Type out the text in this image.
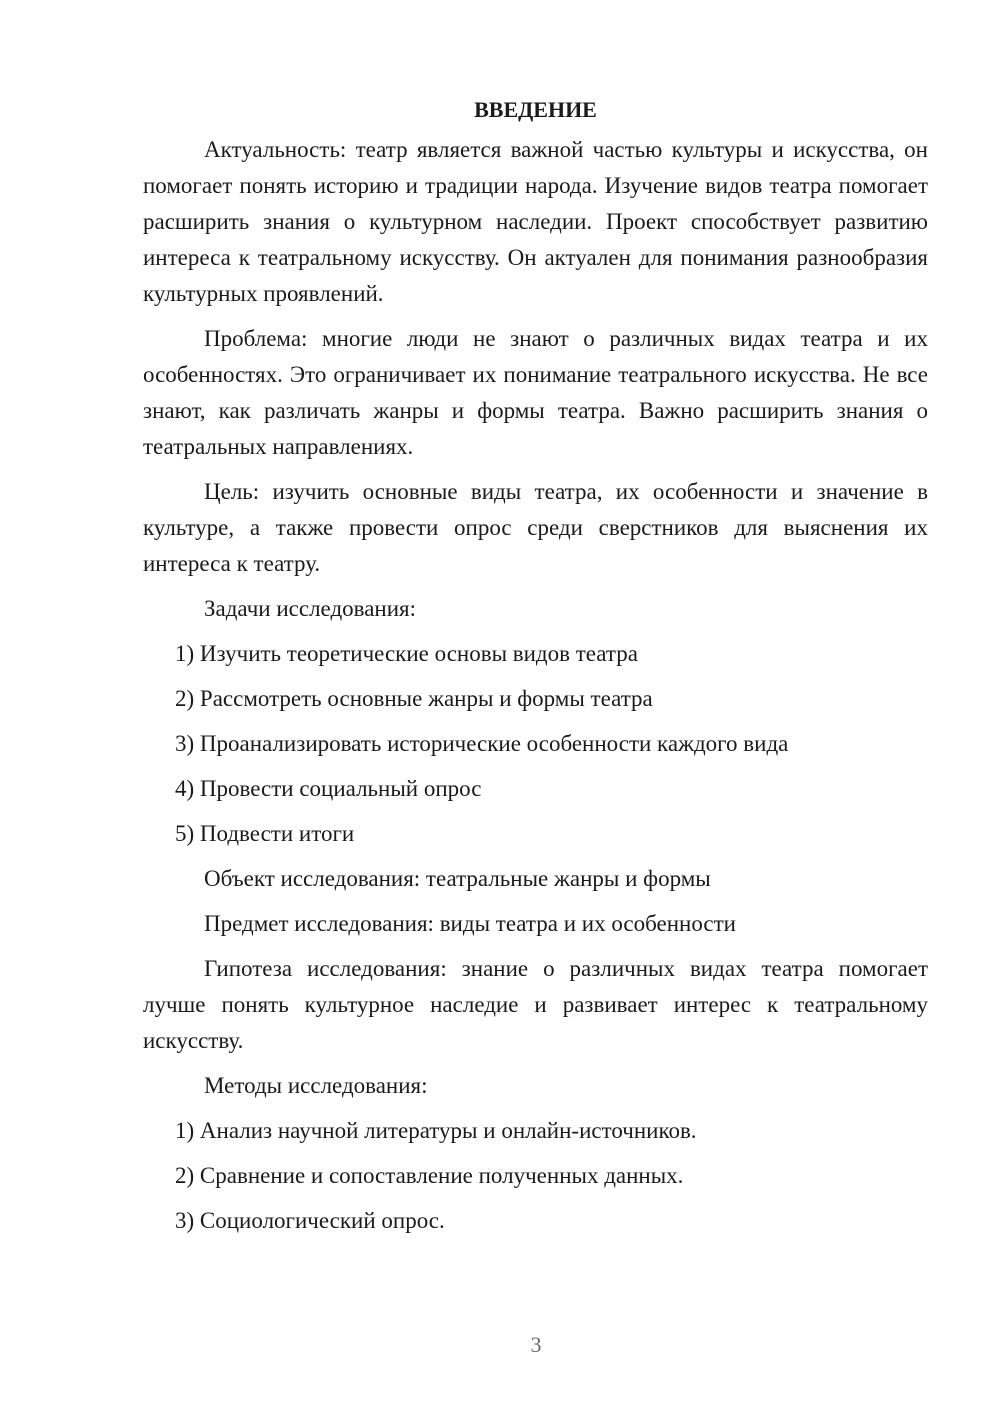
ВВЕДЕНИЕ

Актуальность: театр является важной частью культуры и искусства, он помогает понять историю и традиции народа. Изучение видов театра помогает расширить знания о культурном наследии. Проект способствует развитию интереса к театральному искусству. Он актуален для понимания разнообразия культурных проявлений.

Проблема: многие люди не знают о различных видах театра и их особенностях. Это ограничивает их понимание театрального искусства. Не все знают, как различать жанры и формы театра. Важно расширить знания о театральных направлениях.

Цель: изучить основные виды театра, их особенности и значение в культуре, а также провести опрос среди сверстников для выяснения их интереса к театру.

Задачи исследования:
1) Изучить теоретические основы видов театра
2) Рассмотреть основные жанры и формы театра
3) Проанализировать исторические особенности каждого вида
4) Провести социальный опрос
5) Подвести итоги
Объект исследования: театральные жанры и формы
Предмет исследования: виды театра и их особенности

Гипотеза исследования: знание о различных видах театра помогает лучше понять культурное наследие и развивает интерес к театральному искусству.

Методы исследования:
1) Анализ научной литературы и онлайн-источников.
2) Сравнение и сопоставление полученных данных.
3) Социологический опрос.
3
